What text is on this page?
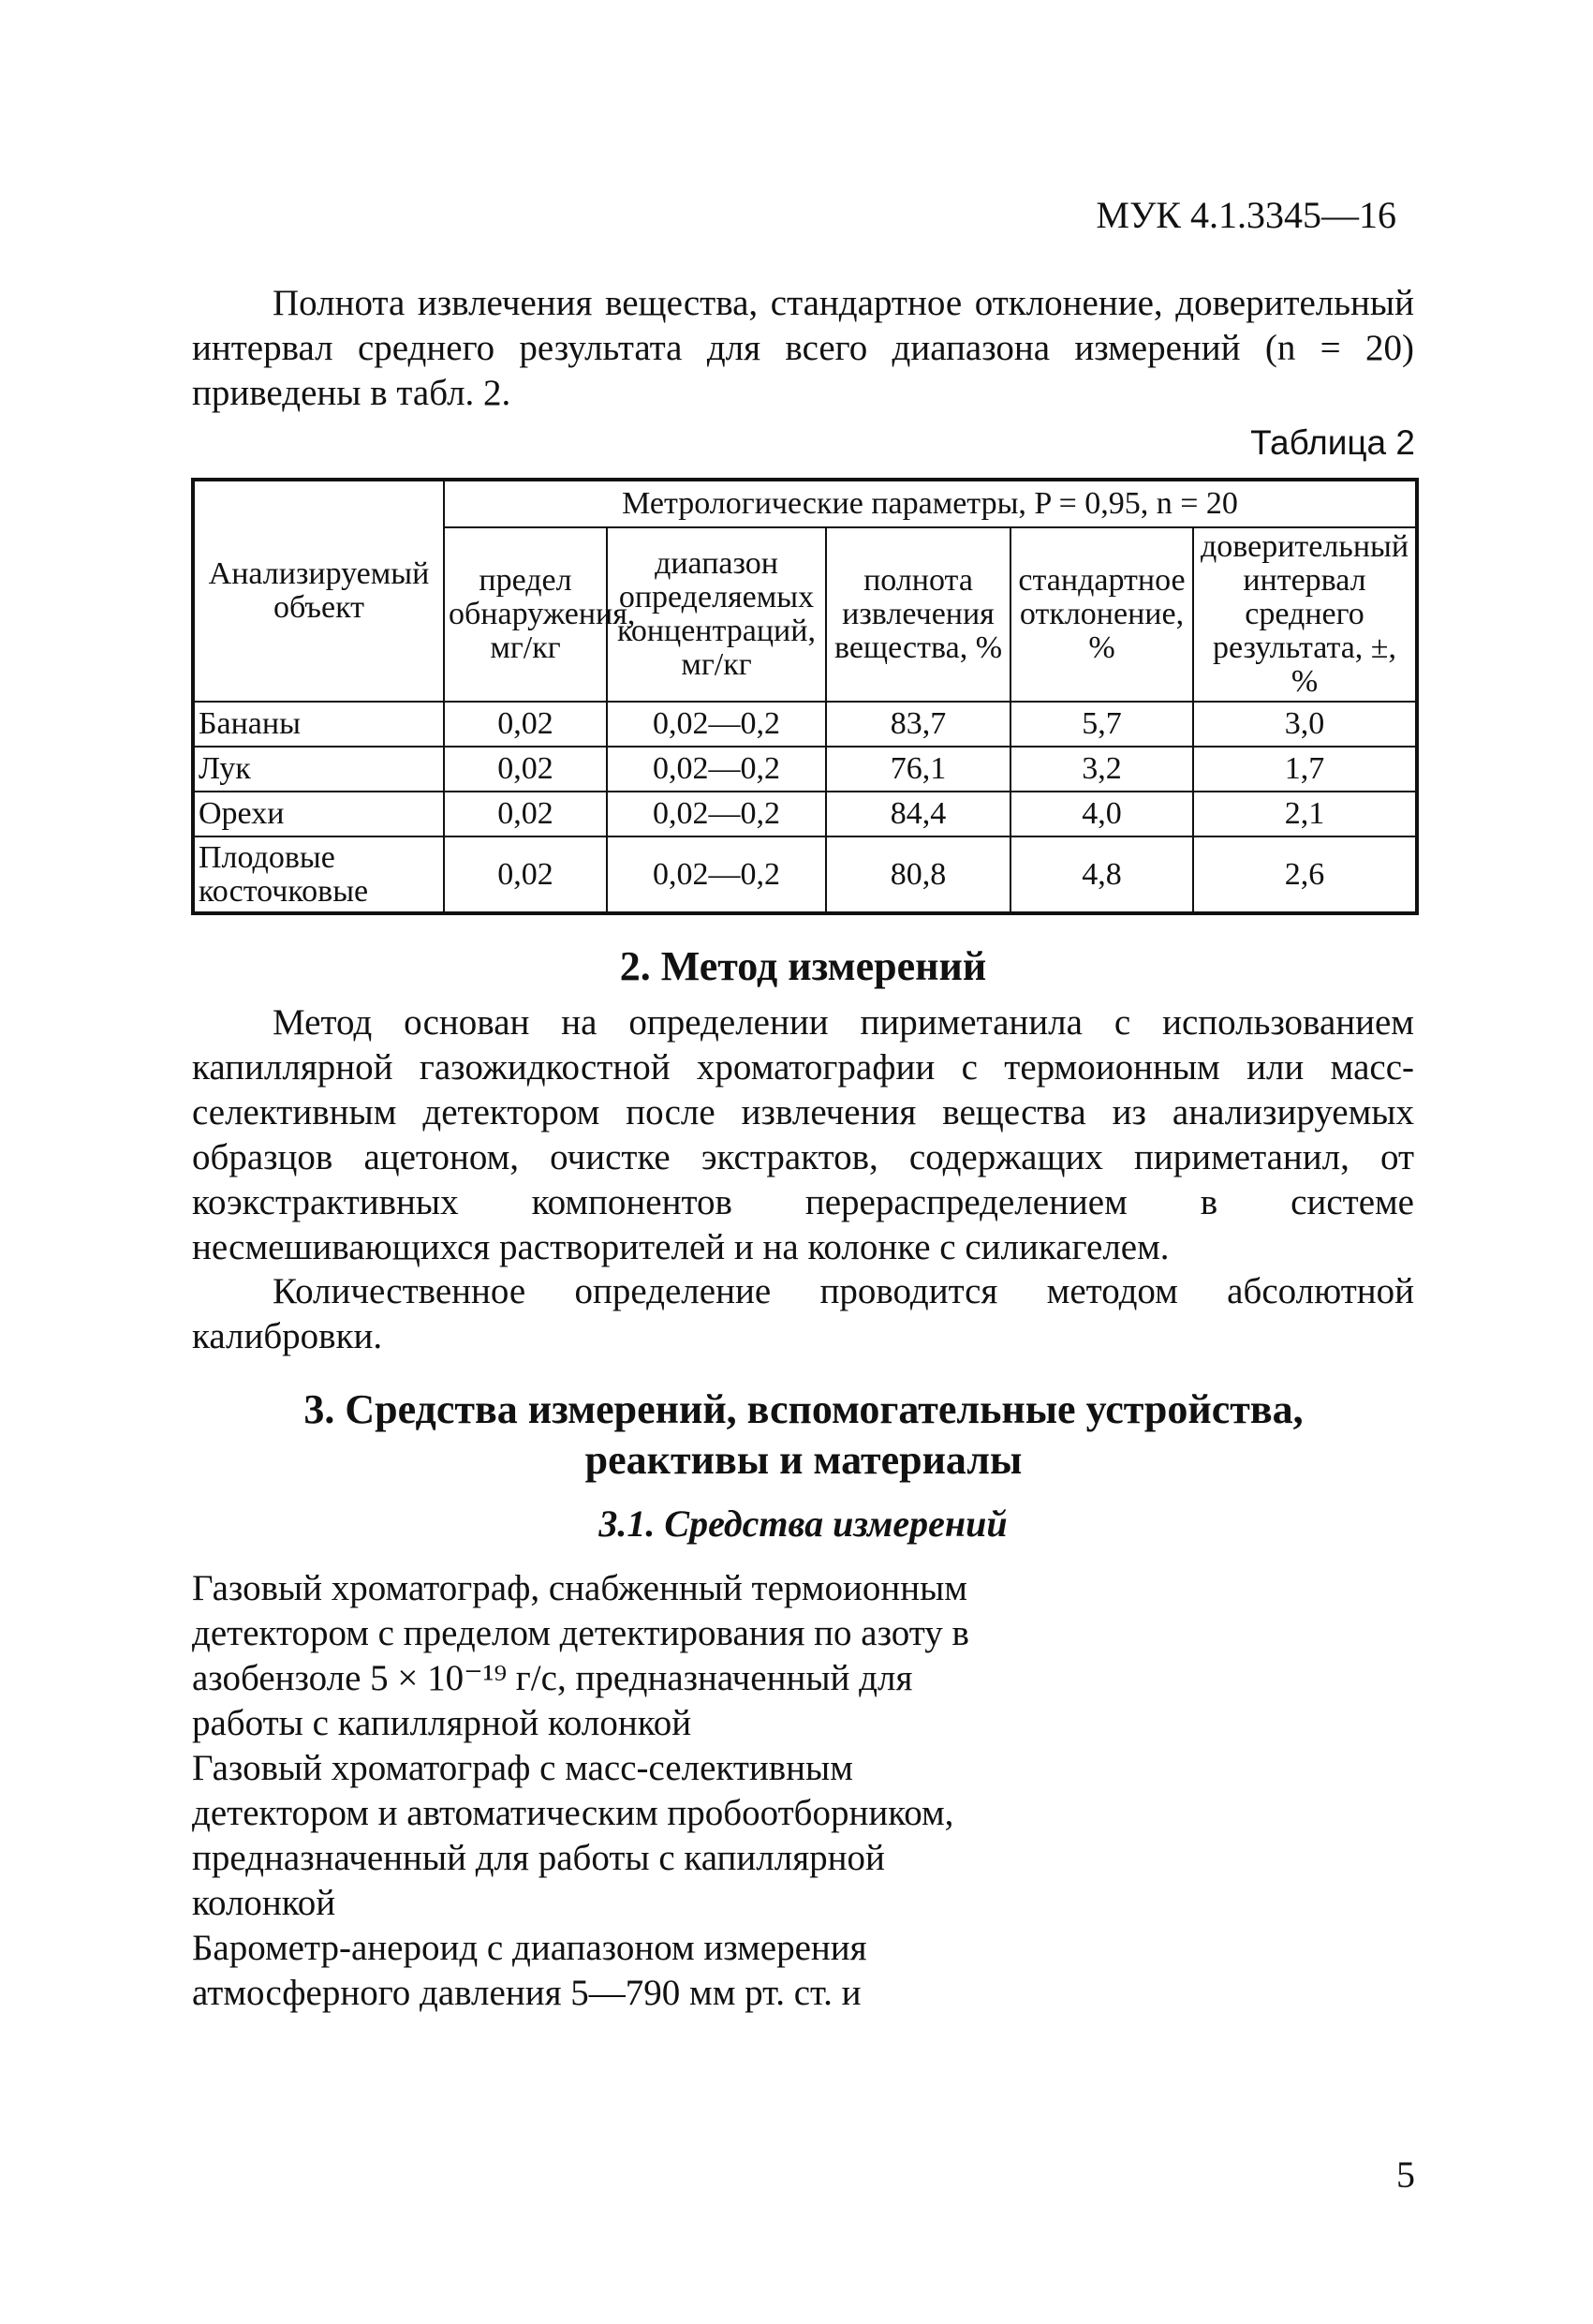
МУК 4.1.3345—16

Полнота извлечения вещества, стандартное отклонение, доверительный интервал среднего результата для всего диапазона измерений (n = 20) приведены в табл. 2.

Таблица 2
Анализируемый объект	Метрологические параметры, P = 0,95, n = 20				
	предел обнаружения, мг/кг	диапазон определяемых концентраций, мг/кг	полнота извлечения вещества, %	стандартное отклонение, %	доверительный интервал среднего результата, ±, %
Бананы	0,02	0,02—0,2	83,7	5,7	3,0
Лук	0,02	0,02—0,2	76,1	3,2	1,7
Орехи	0,02	0,02—0,2	84,4	4,0	2,1
Плодовые косточковые	0,02	0,02—0,2	80,8	4,8	2,6
2. Метод измерений

Метод основан на определении пириметанила с использованием капиллярной газожидкостной хроматографии с термоионным или масс-селективным детектором после извлечения вещества из анализируемых образцов ацетоном, очистке экстрактов, содержащих пириметанил, от коэкстрактивных компонентов перераспределением в системе несмешивающихся растворителей и на колонке с силикагелем.

Количественное определение проводится методом абсолютной калибровки.

3. Средства измерений, вспомогательные устройства, реактивы и материалы
3.1. Средства измерений
Газовый хроматограф, снабженный термоионным детектором с пределом детектирования по азоту в азобензоле 5 × 10⁻¹⁹ г/с, предназначенный для работы с капиллярной колонкой
Газовый хроматограф с масс-селективным детектором и автоматическим пробоотборником, предназначенный для работы с капиллярной колонкой
Барометр-анероид с диапазоном измерения атмосферного давления 5—790 мм рт. ст. и
5
